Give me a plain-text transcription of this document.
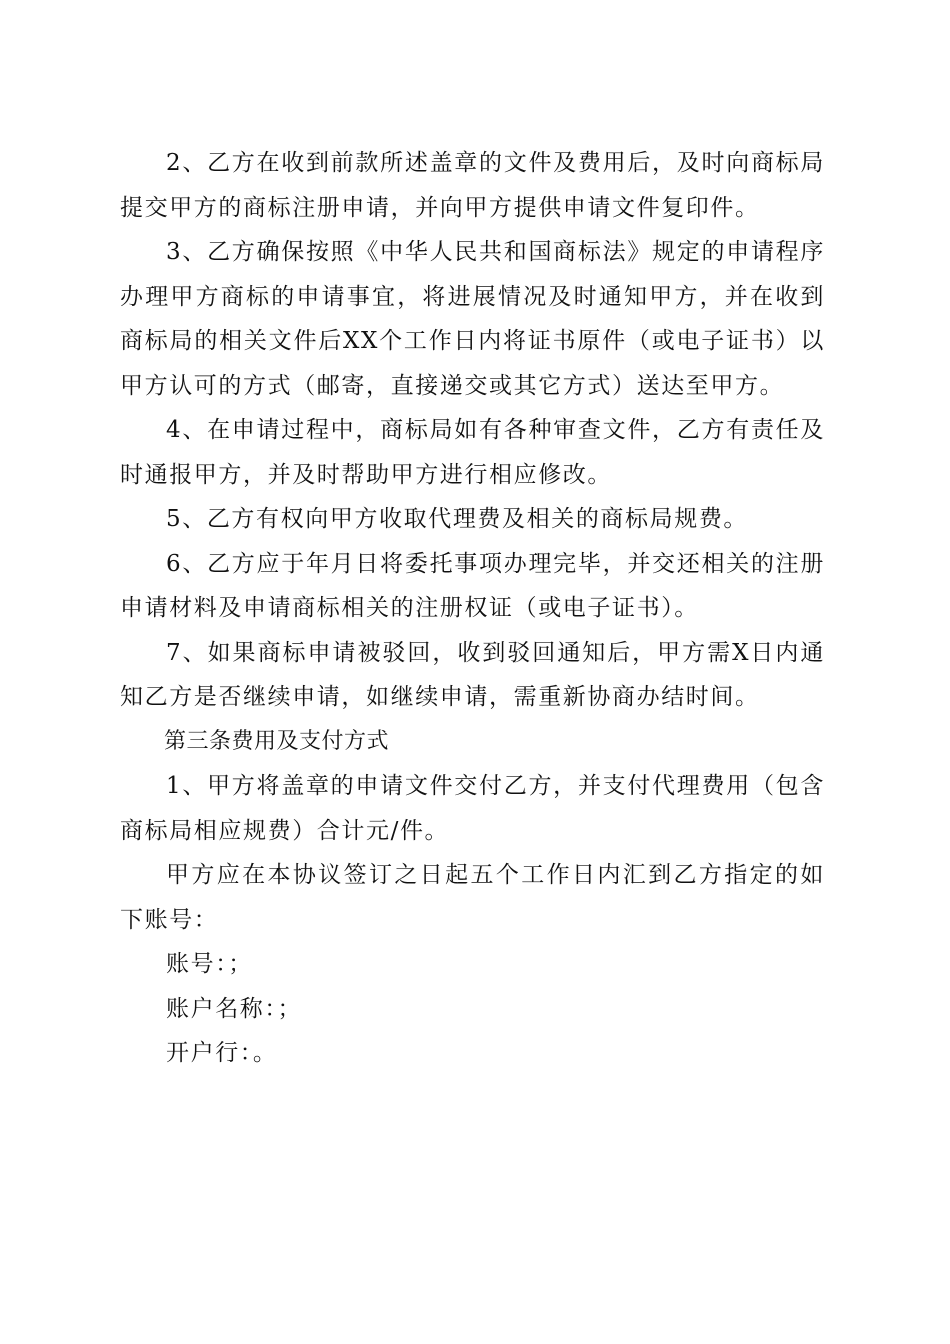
2、乙方在收到前款所述盖章的文件及费用后，及时向商标局提交甲方的商标注册申请，并向甲方提供申请文件复印件。

3、乙方确保按照《中华人民共和国商标法》规定的申请程序办理甲方商标的申请事宜，将进展情况及时通知甲方，并在收到商标局的相关文件后XX个工作日内将证书原件（或电子证书）以甲方认可的方式（邮寄，直接递交或其它方式）送达至甲方。

4、在申请过程中，商标局如有各种审查文件，乙方有责任及时通报甲方，并及时帮助甲方进行相应修改。

5、乙方有权向甲方收取代理费及相关的商标局规费。

6、乙方应于年月日将委托事项办理完毕，并交还相关的注册申请材料及申请商标相关的注册权证（或电子证书）。

7、如果商标申请被驳回，收到驳回通知后，甲方需X日内通知乙方是否继续申请，如继续申请，需重新协商办结时间。

第三条费用及支付方式

1、甲方将盖章的申请文件交付乙方，并支付代理费用（包含商标局相应规费）合计元/件。

甲方应在本协议签订之日起五个工作日内汇到乙方指定的如下账号：

账号：；

账户名称：；

开户行：。
